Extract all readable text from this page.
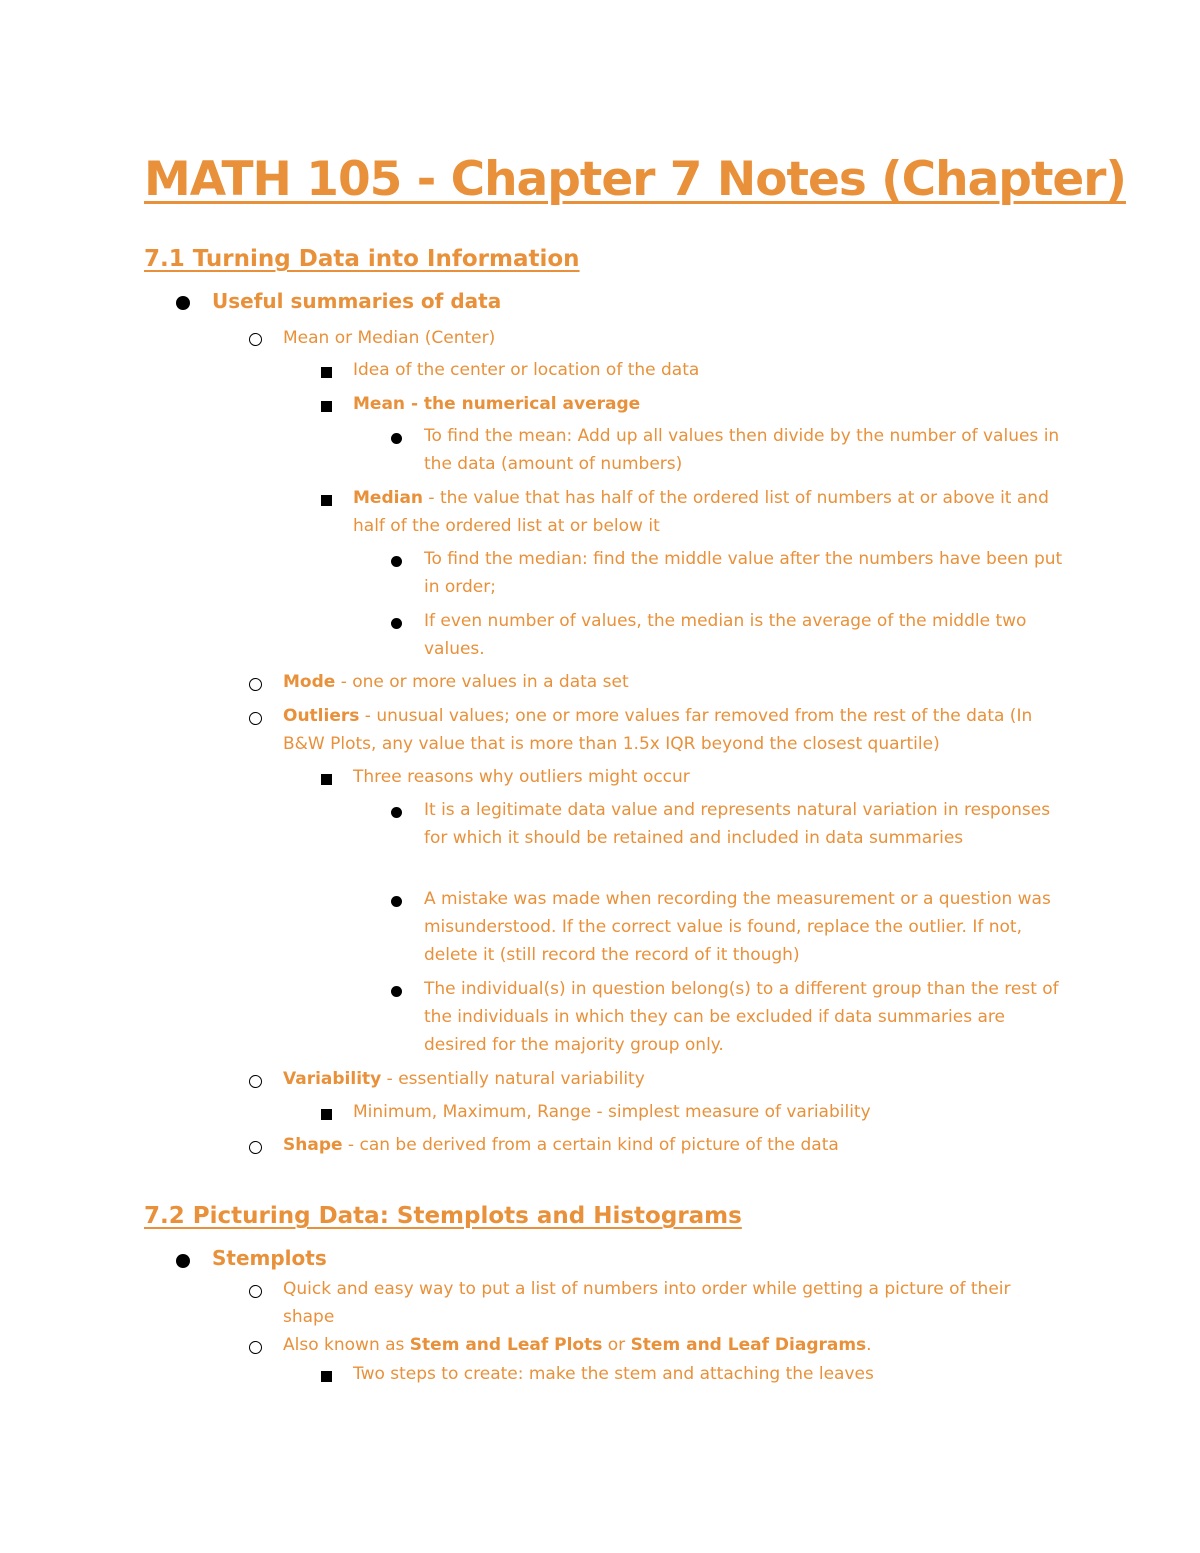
MATH 105 - Chapter 7 Notes (Chapter)
7.1 Turning Data into Information
Useful summaries of data
Mean or Median (Center)
Idea of the center or location of the data
Mean - the numerical average
To find the mean: Add up all values then divide by the number of values in the data (amount of numbers)
Median - the value that has half of the ordered list of numbers at or above it and half of the ordered list at or below it
To find the median: find the middle value after the numbers have been put in order;
If even number of values, the median is the average of the middle two values.
Mode - one or more values in a data set
Outliers - unusual values; one or more values far removed from the rest of the data (In B&W Plots, any value that is more than 1.5x IQR beyond the closest quartile)
Three reasons why outliers might occur
It is a legitimate data value and represents natural variation in responses for which it should be retained and included in data summaries
A mistake was made when recording the measurement or a question was misunderstood. If the correct value is found, replace the outlier. If not, delete it (still record the record of it though)
The individual(s) in question belong(s) to a different group than the rest of the individuals in which they can be excluded if data summaries are desired for the majority group only.
Variability - essentially natural variability
Minimum, Maximum, Range - simplest measure of variability
Shape - can be derived from a certain kind of picture of the data
7.2 Picturing Data: Stemplots and Histograms
Stemplots
Quick and easy way to put a list of numbers into order while getting a picture of their shape
Also known as Stem and Leaf Plots or Stem and Leaf Diagrams.
Two steps to create: make the stem and attaching the leaves
